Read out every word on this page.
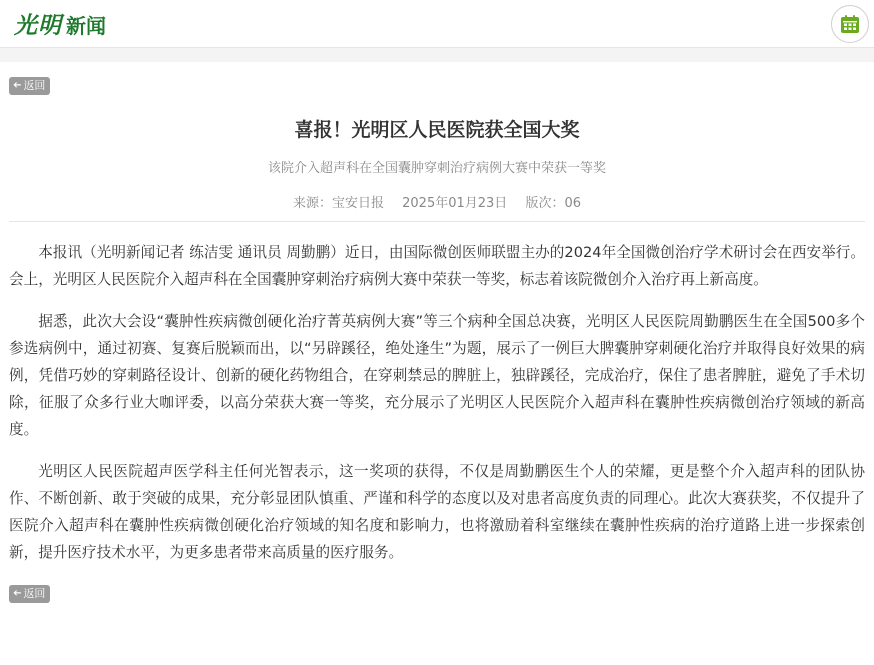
光明 新闻
➔ 返回
喜报！光明区人民医院获全国大奖
该院介入超声科在全国囊肿穿刺治疗病例大赛中荣获一等奖
来源：宝安日报 2025年01月23日 版次：06

本报讯（光明新闻记者 练洁雯 通讯员 周勤鹏）近日，由国际微创医师联盟主办的2024年全国微创治疗学术研讨会在西安举行。会上，光明区人民医院介入超声科在全国囊肿穿刺治疗病例大赛中荣获一等奖，标志着该院微创介入治疗再上新高度。

据悉，此次大会设“囊肿性疾病微创硬化治疗菁英病例大赛”等三个病种全国总决赛，光明区人民医院周勤鹏医生在全国500多个参选病例中，通过初赛、复赛后脱颖而出，以“另辟蹊径，绝处逢生”为题，展示了一例巨大脾囊肿穿刺硬化治疗并取得良好效果的病例，凭借巧妙的穿刺路径设计、创新的硬化药物组合，在穿刺禁忌的脾脏上，独辟蹊径，完成治疗，保住了患者脾脏，避免了手术切除，征服了众多行业大咖评委，以高分荣获大赛一等奖，充分展示了光明区人民医院介入超声科在囊肿性疾病微创治疗领域的新高度。

光明区人民医院超声医学科主任何光智表示，这一奖项的获得，不仅是周勤鹏医生个人的荣耀，更是整个介入超声科的团队协作、不断创新、敢于突破的成果，充分彰显团队慎重、严谨和科学的态度以及对患者高度负责的同理心。此次大赛获奖，不仅提升了医院介入超声科在囊肿性疾病微创硬化治疗领域的知名度和影响力，也将激励着科室继续在囊肿性疾病的治疗道路上进一步探索创新，提升医疗技术水平，为更多患者带来高质量的医疗服务。

➔ 返回
